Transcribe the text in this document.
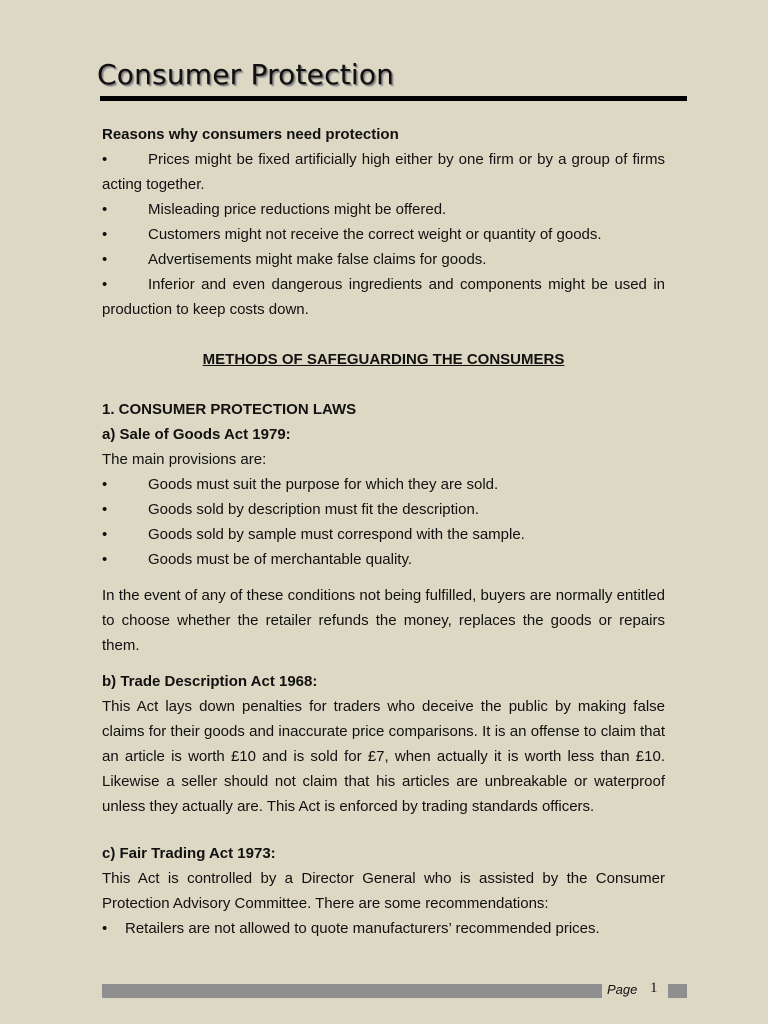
Consumer Protection

Reasons why consumers need protection

•	Prices might be fixed artificially high either by one firm or by a group of firms acting together.

•	Misleading price reductions might be offered.

•	Customers might not receive the correct weight or quantity of goods.

•	Advertisements might make false claims for goods.

•	Inferior and even dangerous ingredients and components might be used in production to keep costs down.

METHODS OF SAFEGUARDING THE CONSUMERS

1. CONSUMER PROTECTION LAWS

a) Sale of Goods Act 1979:

The main provisions are:

•	Goods must suit the purpose for which they are sold.

•	Goods sold by description must fit the description.

•	Goods sold by sample must correspond with the sample.

•	Goods must be of merchantable quality.

In the event of any of these conditions not being fulfilled, buyers are normally entitled to choose whether the retailer refunds the money, replaces the goods or repairs them.

b) Trade Description Act 1968:

This Act lays down penalties for traders who deceive the public by making false claims for their goods and inaccurate price comparisons. It is an offense to claim that an article is worth £10 and is sold for £7, when actually it is worth less than £10. Likewise a seller should not claim that his articles are unbreakable or waterproof unless they actually are. This Act is enforced by trading standards officers.

c) Fair Trading Act 1973:

This Act is controlled by a Director General who is assisted by the Consumer Protection Advisory Committee. There are some recommendations:

• Retailers are not allowed to quote manufacturers’ recommended prices.

Page 1
